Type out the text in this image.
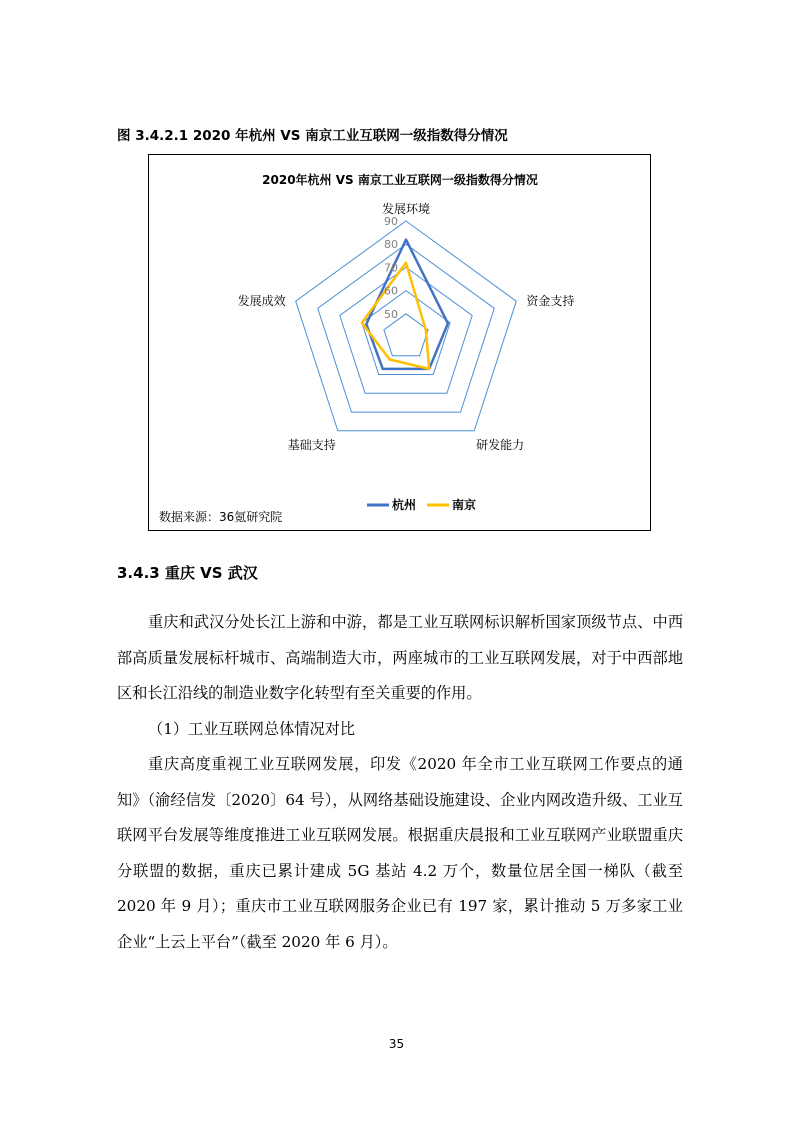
图 3.4.2.1 2020 年杭州 VS 南京工业互联网一级指数得分情况
2020年杭州 VS 南京工业互联网一级指数得分情况
发展环境
资金支持
研发能力
基础支持
发展成效
50
60
70
80
90
杭州	南京
数据来源：36氪研究院
3.4.3 重庆 VS 武汉

重庆和武汉分处长江上游和中游，都是工业互联网标识解析国家顶级节点、中西部高质量发展标杆城市、高端制造大市，两座城市的工业互联网发展，对于中西部地区和长江沿线的制造业数字化转型有至关重要的作用。

（1）工业互联网总体情况对比

重庆高度重视工业互联网发展，印发《2020 年全市工业互联网工作要点的通知》（渝经信发〔2020〕64 号），从网络基础设施建设、企业内网改造升级、工业互联网平台发展等维度推进工业互联网发展。根据重庆晨报和工业互联网产业联盟重庆分联盟的数据，重庆已累计建成 5G 基站 4.2 万个，数量位居全国一梯队（截至 2020 年 9 月）；重庆市工业互联网服务企业已有 197 家，累计推动 5 万多家工业企业“上云上平台”（截至 2020 年 6 月）。

35
